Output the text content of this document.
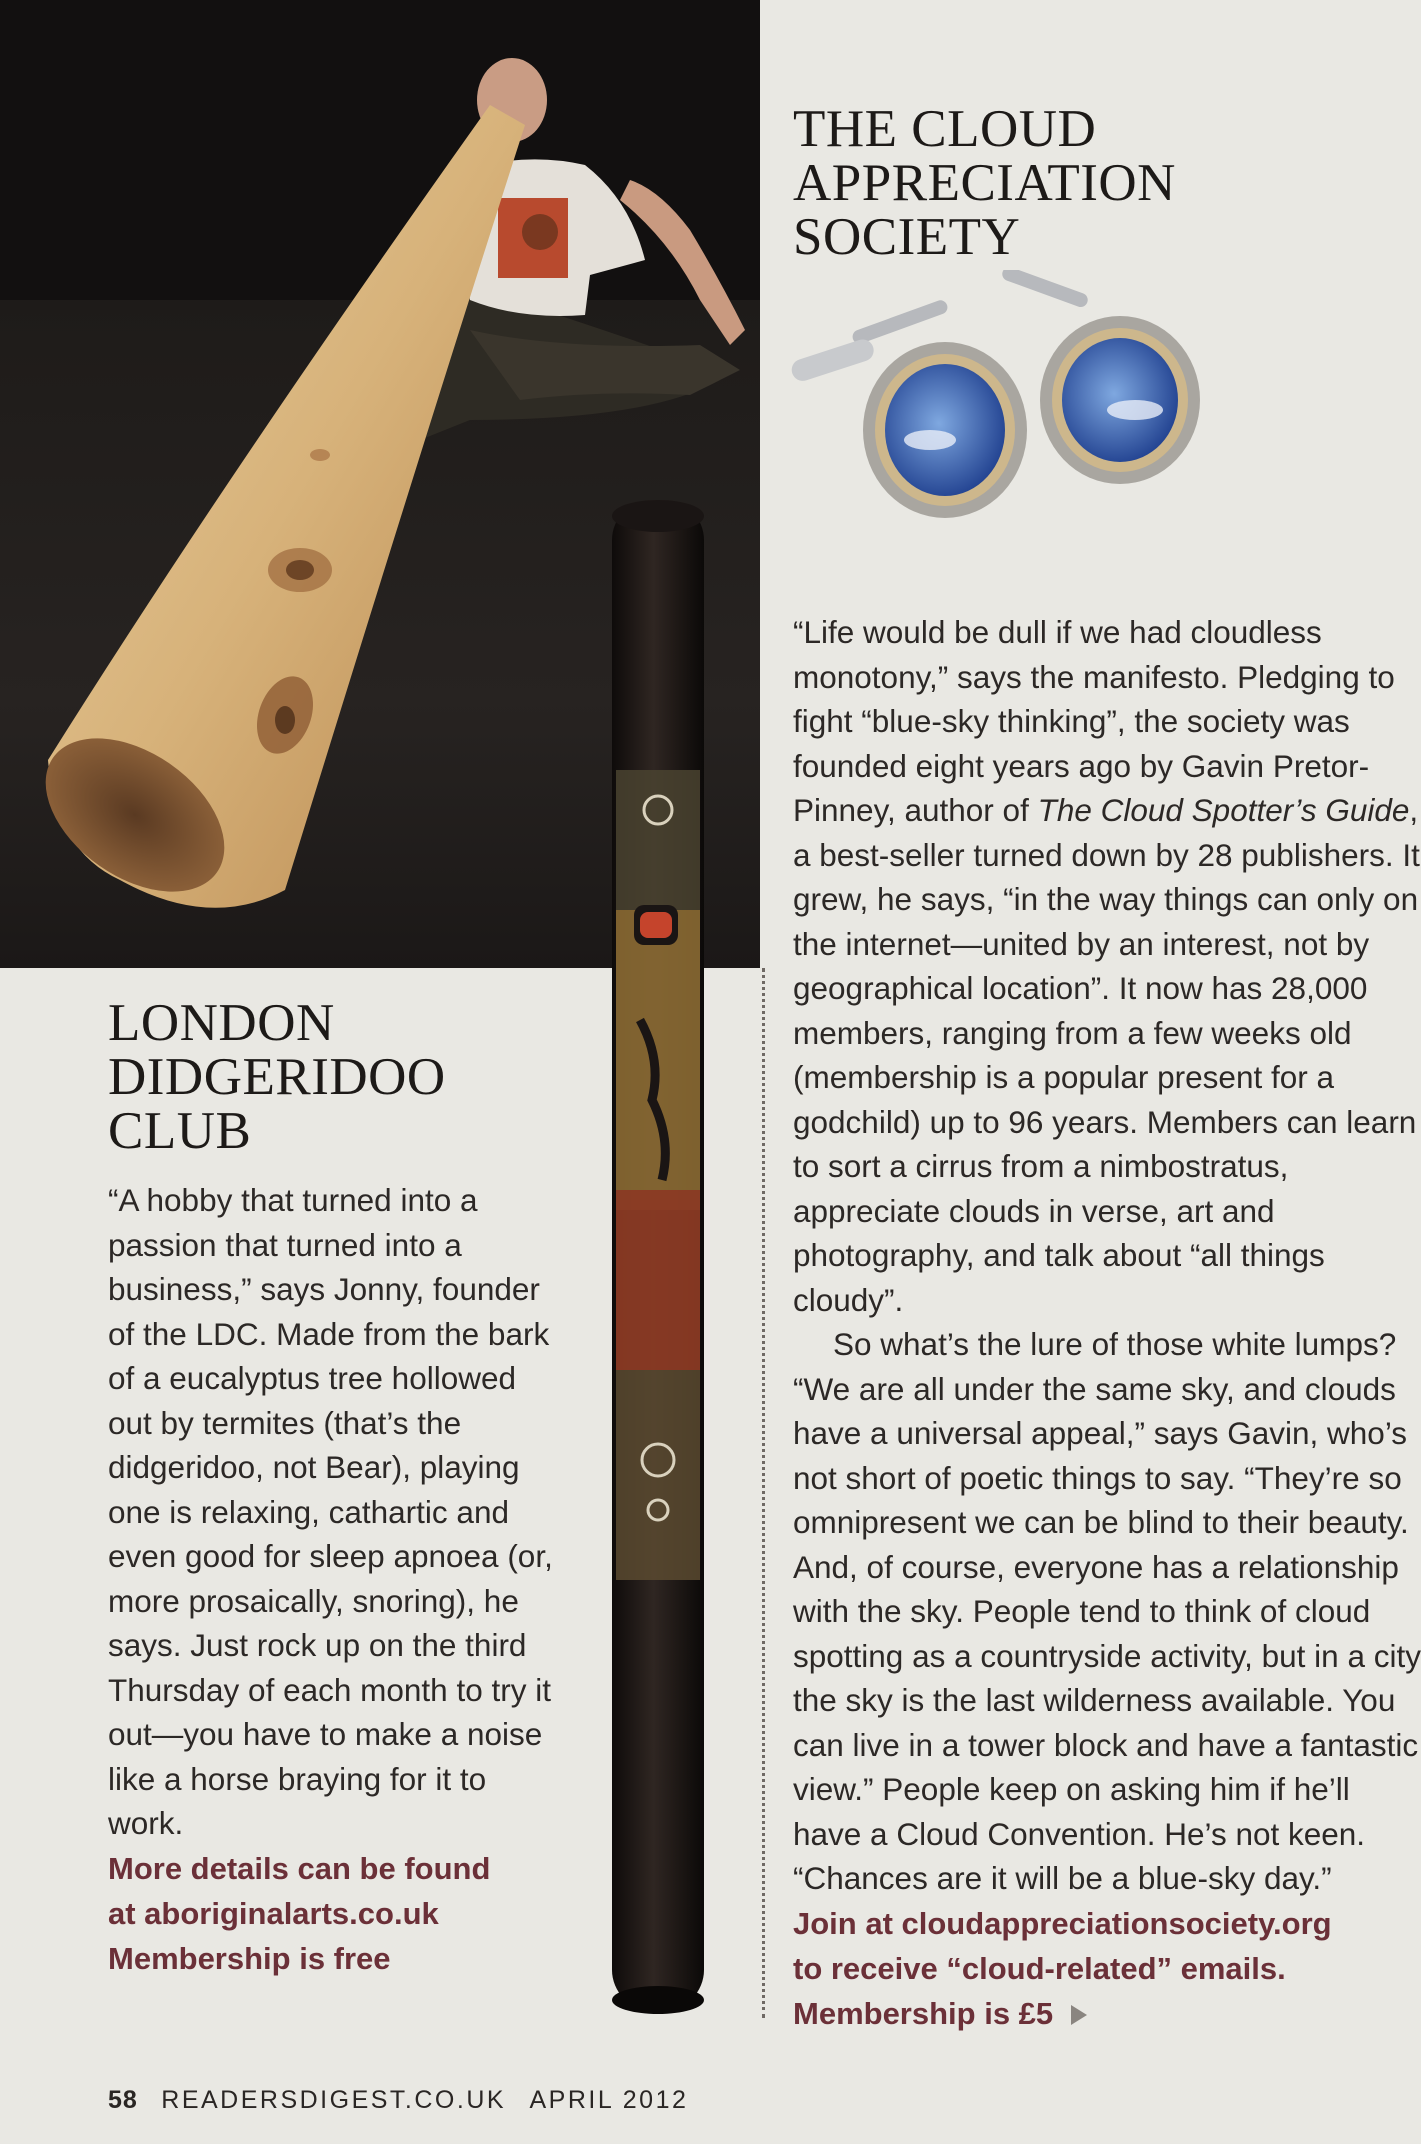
THE CLOUD
APPRECIATION
SOCIETY

“Life would be dull if we had cloudless monotony,” says the manifesto. Pledging to fight “blue-sky thinking”, the society was founded eight years ago by Gavin Pretor-Pinney, author of The Cloud Spotter’s Guide, a best-seller turned down by 28 publishers. It grew, he says, “in the way things can only on the internet—united by an interest, not by geographical location”. It now has 28,000 members, ranging from a few weeks old (membership is a popular present for a godchild) up to 96 years. Members can learn to sort a cirrus from a nimbostratus, appreciate clouds in verse, art and photography, and talk about “all things cloudy”.

So what’s the lure of those white lumps? “We are all under the same sky, and clouds have a universal appeal,” says Gavin, who’s not short of poetic things to say. “They’re so omnipresent we can be blind to their beauty. And, of course, everyone has a relationship with the sky. People tend to think of cloud spotting as a countryside activity, but in a city the sky is the last wilderness available. You can live in a tower block and have a fantastic view.” People keep on asking him if he’ll have a Cloud Convention. He’s not keen. “Chances are it will be a blue-sky day.”

Join at cloudappreciationsociety.org
to receive “cloud-related” emails.
Membership is £5

LONDON
DIDGERIDOO
CLUB

“A hobby that turned into a passion that turned into a business,” says Jonny, founder of the LDC. Made from the bark of a eucalyptus tree hollowed out by termites (that’s the didgeridoo, not Bear), playing one is relaxing, cathartic and even good for sleep apnoea (or, more prosaically, snoring), he says. Just rock up on the third Thursday of each month to try it out—you have to make a noise like a horse braying for it to work.

More details can be found
at aboriginalarts.co.uk
Membership is free

58 READERSDIGEST.CO.UK APRIL 2012
